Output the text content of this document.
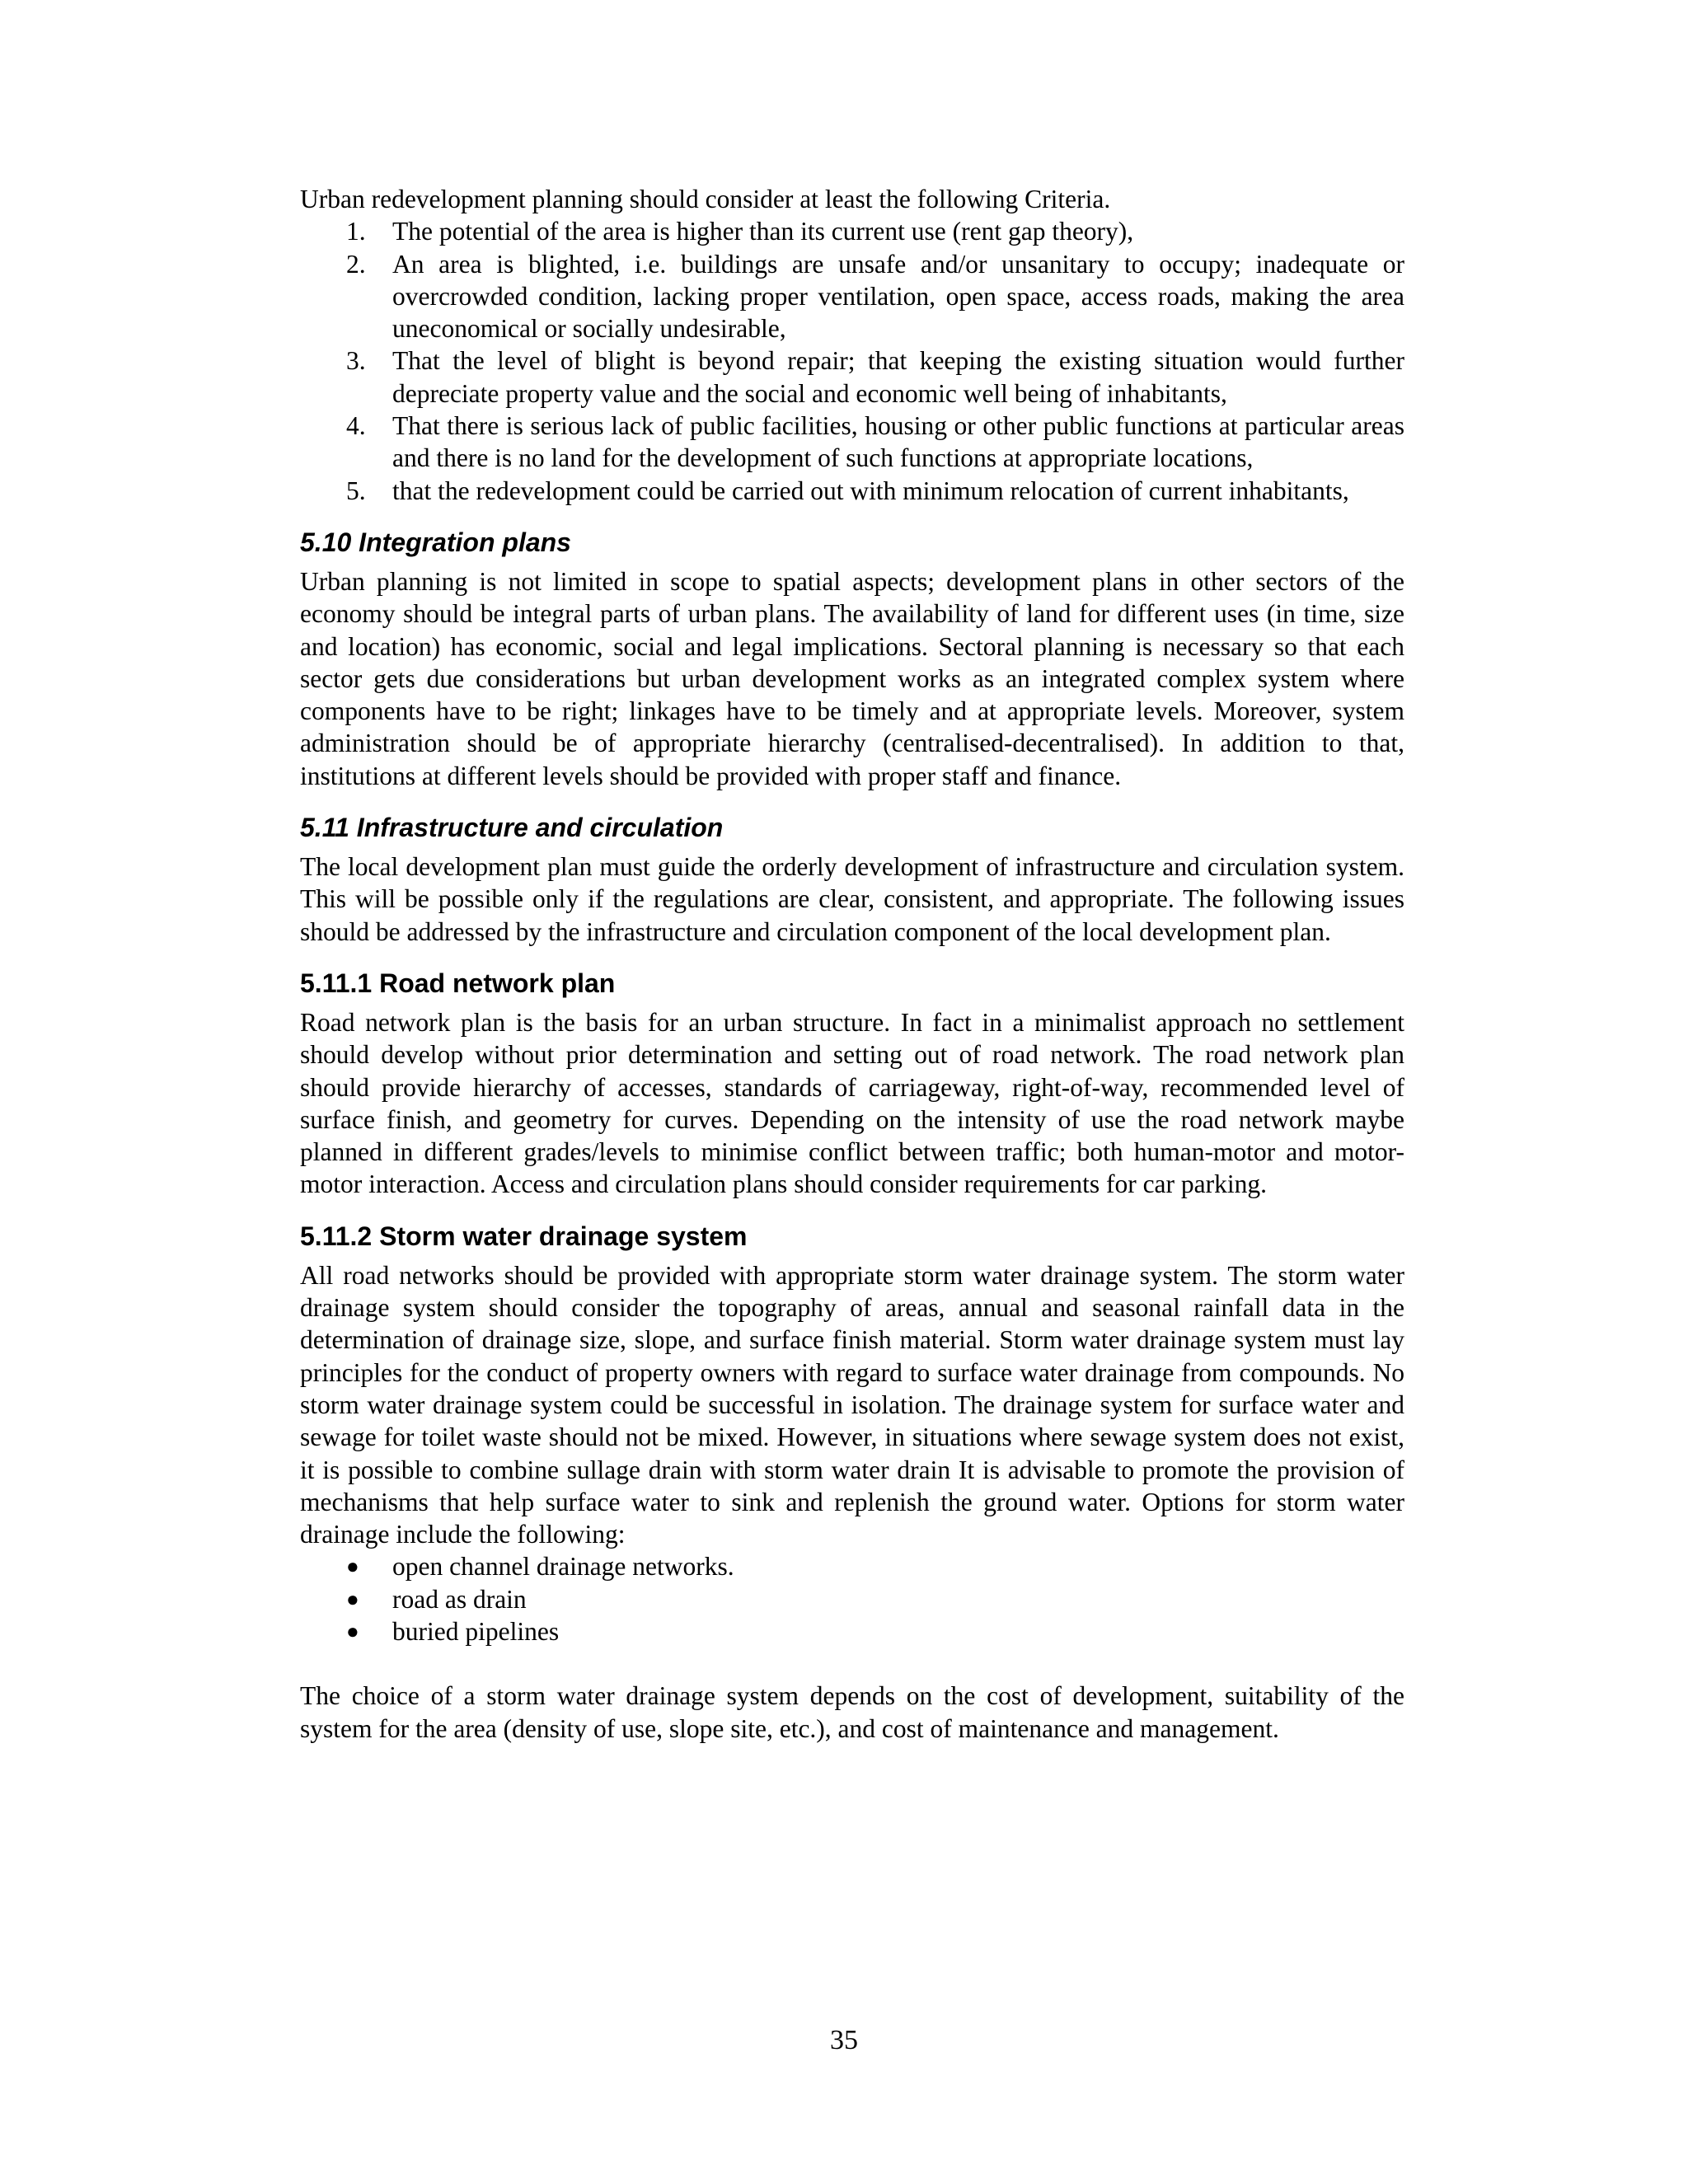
Urban redevelopment planning should consider at least the following Criteria.

1.	The potential of the area is higher than its current use (rent gap theory),
2.	An area is blighted, i.e. buildings are unsafe and/or unsanitary to occupy; inadequate or overcrowded condition, lacking proper ventilation, open space, access roads, making the area uneconomical or socially undesirable,
3.	That the level of blight is beyond repair; that keeping the existing situation would further depreciate property value and the social and economic well being of inhabitants,
4.	That there is serious lack of public facilities, housing or other public functions at particular areas and there is no land for the development of such functions at appropriate locations,
5.	that the redevelopment could be carried out with minimum relocation of current inhabitants,
5.10 Integration plans

Urban planning is not limited in scope to spatial aspects; development plans in other sectors of the economy should be integral parts of urban plans. The availability of land for different uses (in time, size and location) has economic, social and legal implications. Sectoral planning is necessary so that each sector gets due considerations but urban development works as an integrated complex system where components have to be right; linkages have to be timely and at appropriate levels. Moreover, system administration should be of appropriate hierarchy (centralised-decentralised). In addition to that, institutions at different levels should be provided with proper staff and finance.

5.11 Infrastructure and circulation

The local development plan must guide the orderly development of infrastructure and circulation system. This will be possible only if the regulations are clear, consistent, and appropriate. The following issues should be addressed by the infrastructure and circulation component of the local development plan.

5.11.1 Road network plan

Road network plan is the basis for an urban structure. In fact in a minimalist approach no settlement should develop without prior determination and setting out of road network. The road network plan should provide hierarchy of accesses, standards of carriageway, right-of-way, recommended level of surface finish, and geometry for curves. Depending on the intensity of use the road network maybe planned in different grades/levels to minimise conflict between traffic; both human-motor and motor-motor interaction. Access and circulation plans should consider requirements for car parking.

5.11.2 Storm water drainage system

All road networks should be provided with appropriate storm water drainage system. The storm water drainage system should consider the topography of areas, annual and seasonal rainfall data in the determination of drainage size, slope, and surface finish material. Storm water drainage system must lay principles for the conduct of property owners with regard to surface water drainage from compounds. No storm water drainage system could be successful in isolation. The drainage system for surface water and sewage for toilet waste should not be mixed. However, in situations where sewage system does not exist, it is possible to combine sullage drain with storm water drain It is advisable to promote the provision of mechanisms that help surface water to sink and replenish the ground water. Options for storm water drainage include the following:

● open channel drainage networks.
● road as drain
● buried pipelines

The choice of a storm water drainage system depends on the cost of development, suitability of the system for the area (density of use, slope site, etc.), and cost of maintenance and management.

35
